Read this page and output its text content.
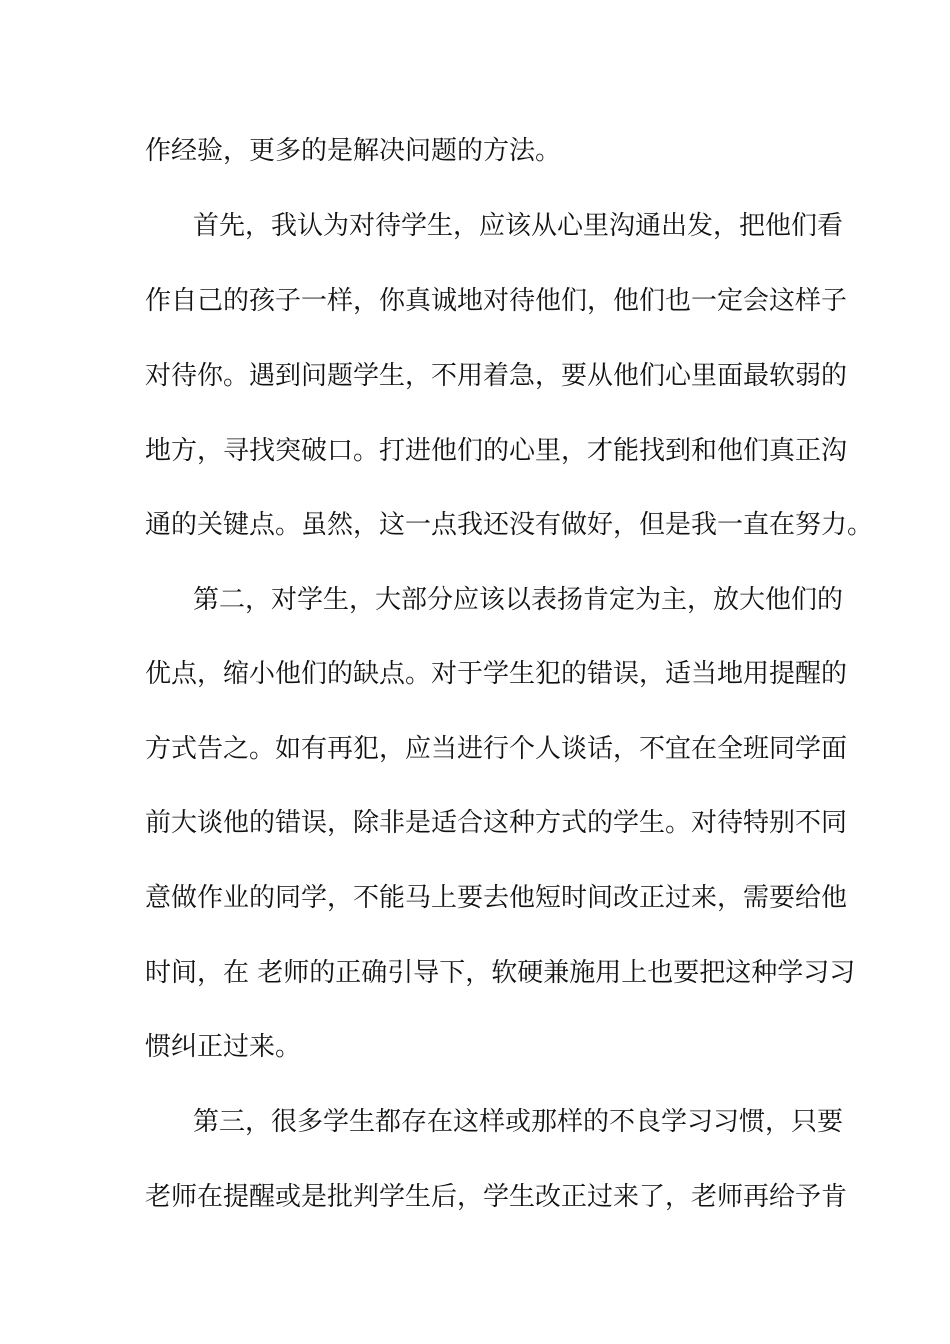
作经验，更多的是解决问题的方法。
首先，我认为对待学生，应该从心里沟通出发，把他们看
作自己的孩子一样，你真诚地对待他们，他们也一定会这样子
对待你。遇到问题学生，不用着急，要从他们心里面最软弱的
地方，寻找突破口。打进他们的心里，才能找到和他们真正沟
通的关键点。虽然，这一点我还没有做好，但是我一直在努力。
第二，对学生，大部分应该以表扬肯定为主，放大他们的
优点，缩小他们的缺点。对于学生犯的错误，适当地用提醒的
方式告之。如有再犯，应当进行个人谈话，不宜在全班同学面
前大谈他的错误，除非是适合这种方式的学生。对待特别不同
意做作业的同学，不能马上要去他短时间改正过来，需要给他
时间，在 老师的正确引导下，软硬兼施用上也要把这种学习习
惯纠正过来。
第三，很多学生都存在这样或那样的不良学习习惯，只要
老师在提醒或是批判学生后，学生改正过来了，老师再给予肯
